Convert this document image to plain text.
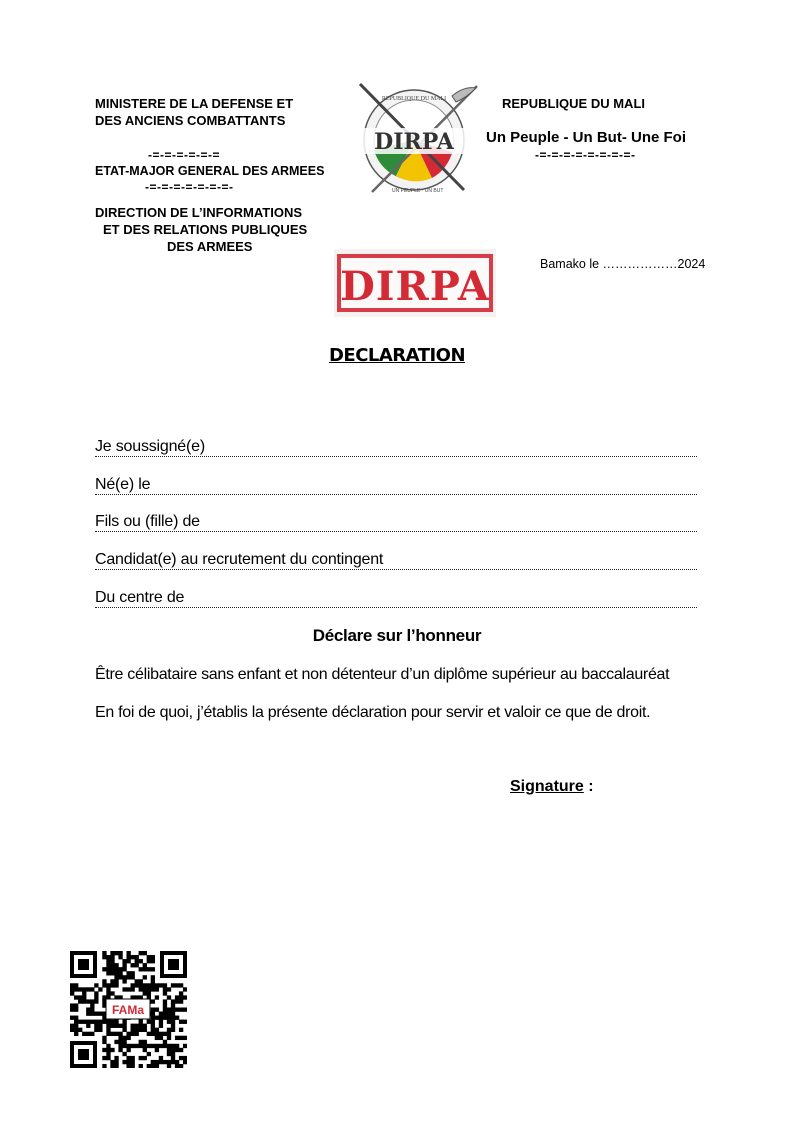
MINISTERE DE LA DEFENSE ET
DES ANCIENS COMBATTANTS
-=-=-=-=-=-=
ETAT-MAJOR GENERAL DES ARMEES
-=-=-=-=-=-=-=-
DIRECTION DE L’INFORMATIONS
ET DES RELATIONS PUBLIQUES
DES ARMEES
DIRPA
REPUBLIQUE DU MALI
UN PEUPLE · UN BUT
REPUBLIQUE DU MALI
Un Peuple - Un But- Une Foi
-=-=-=-=-=-=-=-=-
DIRPA	Bamako le ………………2024
DECLARATION
Je soussigné(e)
Né(e) le
Fils ou (fille) de
Candidat(e) au recrutement du contingent
Du centre de
Déclare sur l’honneur
Être célibataire sans enfant et non détenteur d’un diplôme supérieur au baccalauréat
En foi de quoi, j’établis la présente déclaration pour servir et valoir ce que de droit.
Signature :
FAMa
